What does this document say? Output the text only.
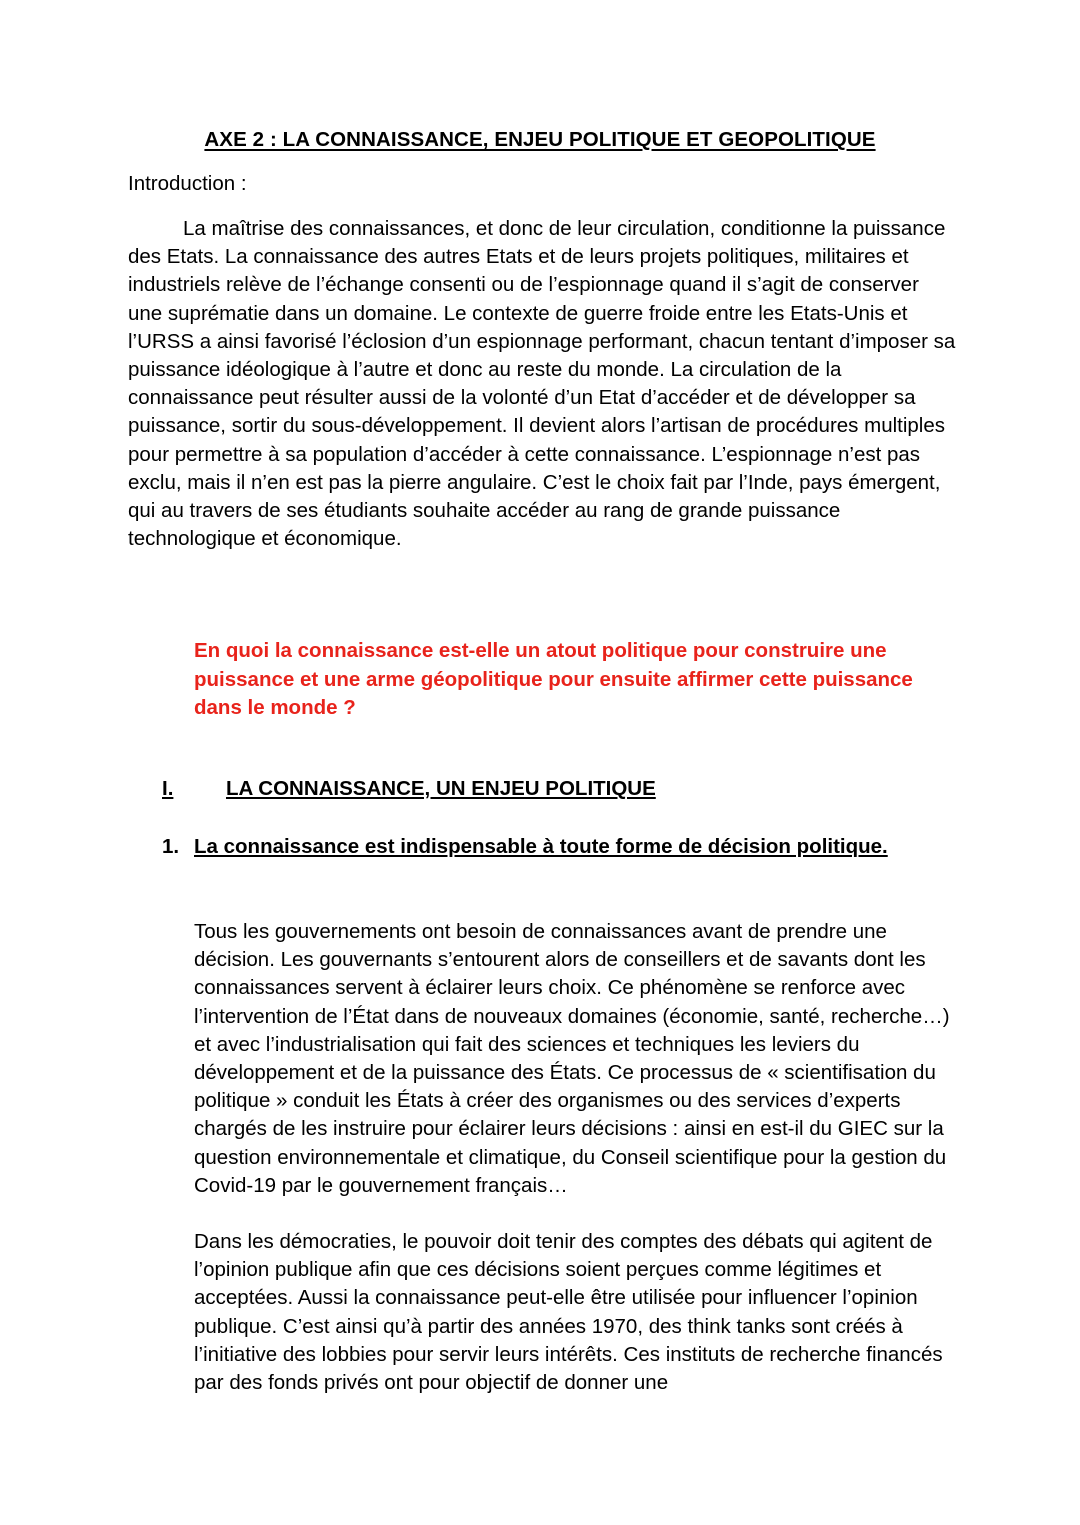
AXE 2 : LA CONNAISSANCE, ENJEU POLITIQUE ET GEOPOLITIQUE

Introduction :

La maîtrise des connaissances, et donc de leur circulation, conditionne la puissance des Etats. La connaissance des autres Etats et de leurs projets politiques, militaires et industriels relève de l’échange consenti ou de l’espionnage quand il s’agit de conserver une suprématie dans un domaine. Le contexte de guerre froide entre les Etats-Unis et l’URSS a ainsi favorisé l’éclosion d’un espionnage performant, chacun tentant d’imposer sa puissance idéologique à l’autre et donc au reste du monde. La circulation de la connaissance peut résulter aussi de la volonté d’un Etat d’accéder et de développer sa puissance, sortir du sous-développement. Il devient alors l’artisan de procédures multiples pour permettre à sa population d’accéder à cette connaissance. L’espionnage n’est pas exclu, mais il n’en est pas la pierre angulaire. C’est le choix fait par l’Inde, pays émergent, qui au travers de ses étudiants souhaite accéder au rang de grande puissance technologique et économique.

En quoi la connaissance est-elle un atout politique pour construire une puissance et une arme géopolitique pour ensuite affirmer cette puissance dans le monde ?

I.	LA CONNAISSANCE, UN ENJEU POLITIQUE
1. La connaissance est indispensable à toute forme de décision politique.

Tous les gouvernements ont besoin de connaissances avant de prendre une décision. Les gouvernants s’entourent alors de conseillers et de savants dont les connaissances servent à éclairer leurs choix. Ce phénomène se renforce avec l’intervention de l’État dans de nouveaux domaines (économie, santé, recherche…) et avec l’industrialisation qui fait des sciences et techniques les leviers du développement et de la puissance des États. Ce processus de « scientifisation du politique » conduit les États à créer des organismes ou des services d’experts chargés de les instruire pour éclairer leurs décisions : ainsi en est-il du GIEC sur la question environnementale et climatique, du Conseil scientifique pour la gestion du Covid-19 par le gouvernement français…

Dans les démocraties, le pouvoir doit tenir des comptes des débats qui agitent de l’opinion publique afin que ces décisions soient perçues comme légitimes et acceptées. Aussi la connaissance peut-elle être utilisée pour influencer l’opinion publique. C’est ainsi qu’à partir des années 1970, des think tanks sont créés à l’initiative des lobbies pour servir leurs intérêts. Ces instituts de recherche financés par des fonds privés ont pour objectif de donner une
